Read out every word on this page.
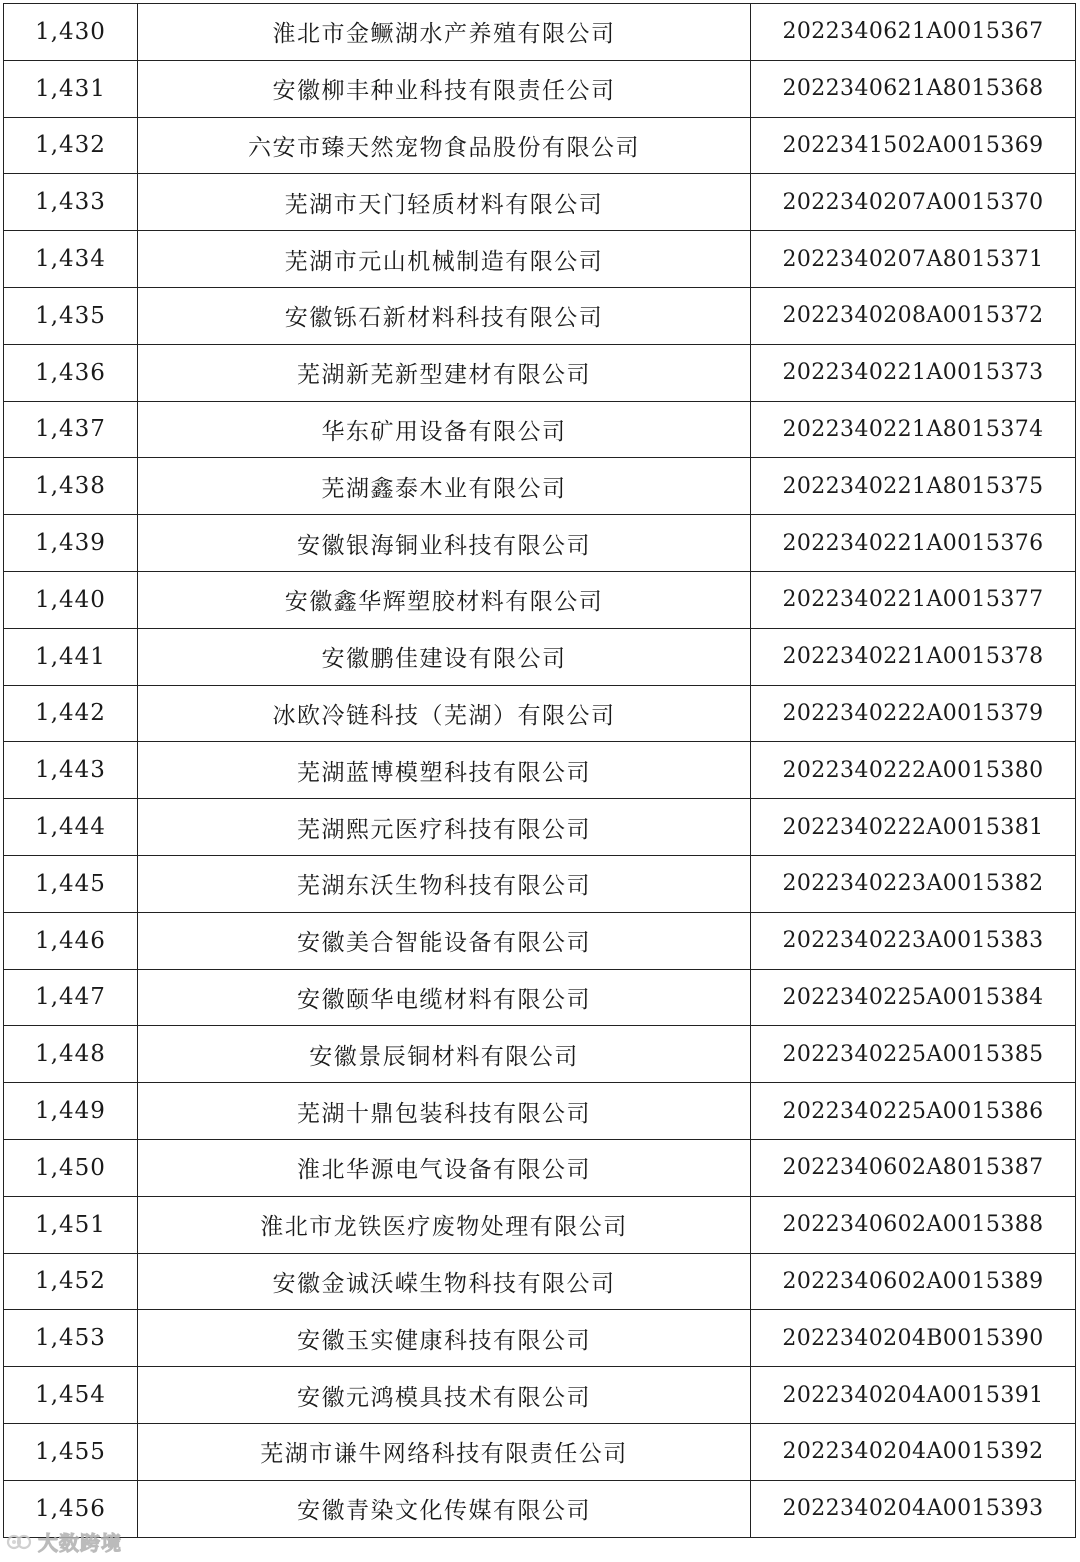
1,430	淮北市金鳜湖水产养殖有限公司	2022340621A0015367
1,431	安徽柳丰种业科技有限责任公司	2022340621A8015368
1,432	六安市臻天然宠物食品股份有限公司	2022341502A0015369
1,433	芜湖市天门轻质材料有限公司	2022340207A0015370
1,434	芜湖市元山机械制造有限公司	2022340207A8015371
1,435	安徽铄石新材料科技有限公司	2022340208A0015372
1,436	芜湖新芜新型建材有限公司	2022340221A0015373
1,437	华东矿用设备有限公司	2022340221A8015374
1,438	芜湖鑫泰木业有限公司	2022340221A8015375
1,439	安徽银海铜业科技有限公司	2022340221A0015376
1,440	安徽鑫华辉塑胶材料有限公司	2022340221A0015377
1,441	安徽鹏佳建设有限公司	2022340221A0015378
1,442	冰欧冷链科技（芜湖）有限公司	2022340222A0015379
1,443	芜湖蓝博模塑科技有限公司	2022340222A0015380
1,444	芜湖熙元医疗科技有限公司	2022340222A0015381
1,445	芜湖东沃生物科技有限公司	2022340223A0015382
1,446	安徽美合智能设备有限公司	2022340223A0015383
1,447	安徽颐华电缆材料有限公司	2022340225A0015384
1,448	安徽景辰铜材料有限公司	2022340225A0015385
1,449	芜湖十鼎包装科技有限公司	2022340225A0015386
1,450	淮北华源电气设备有限公司	2022340602A8015387
1,451	淮北市龙铁医疗废物处理有限公司	2022340602A0015388
1,452	安徽金诚沃嵘生物科技有限公司	2022340602A0015389
1,453	安徽玉实健康科技有限公司	2022340204B0015390
1,454	安徽元鸿模具技术有限公司	2022340204A0015391
1,455	芜湖市谦牛网络科技有限责任公司	2022340204A0015392
1,456	安徽青染文化传媒有限公司	2022340204A0015393
大数跨境
